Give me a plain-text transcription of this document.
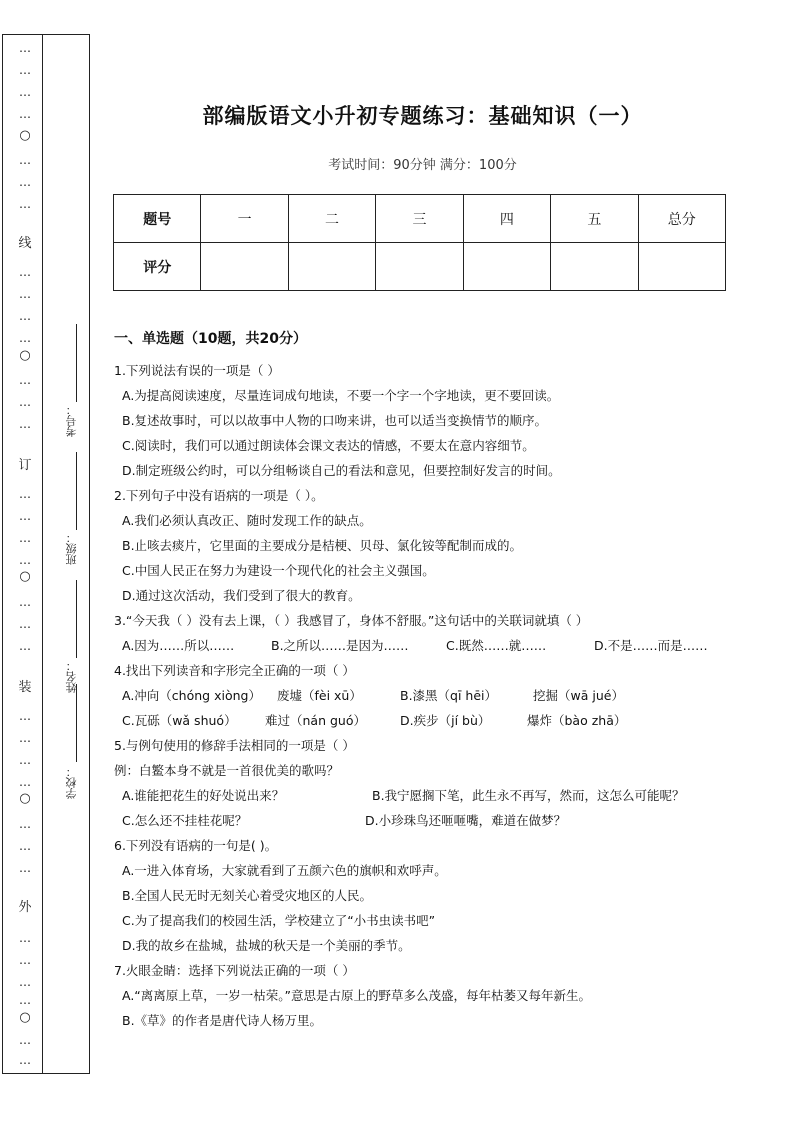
…
…
…
…
○
…
…
…
线
…
…
…
…
○
…
…
…
订
…
…
…
…
○
…
…
…
装
…
…
…
…
○
…
…
…
外
…
…
…
…
○
…
…
考号：
班级：
姓名：
学校：
部编版语文小升初专题练习：基础知识（一）
考试时间：90分钟 满分：100分
题号	一	二	三	四	五	总分
评分						
一、单选题（10题，共20分）
1.下列说法有误的一项是（ ）
A.为提高阅读速度，尽量连词成句地读，不要一个字一个字地读，更不要回读。
B.复述故事时，可以以故事中人物的口吻来讲，也可以适当变换情节的顺序。
C.阅读时，我们可以通过朗读体会课文表达的情感，不要太在意内容细节。
D.制定班级公约时，可以分组畅谈自己的看法和意见，但要控制好发言的时间。
2.下列句子中没有语病的一项是（ ）。
A.我们必须认真改正、随时发现工作的缺点。
B.止咳去痰片，它里面的主要成分是桔梗、贝母、氯化铵等配制而成的。
C.中国人民正在努力为建设一个现代化的社会主义强国。
D.通过这次活动，我们受到了很大的教育。
3.“今天我（ ）没有去上课，（ ）我感冒了，身体不舒服。”这句话中的关联词就填（ ）
A.因为……所以……	B.之所以……是因为……	C.既然……就……	D.不是……而是……
4.找出下列读音和字形完全正确的一项（ ）
A.冲向（chóng xiòng） 废墟（fèi xū）	B.漆黑（qī hēi）	挖掘（wā jué）
C.瓦砾（wǎ shuó） 难过（nán guó）	D.疾步（jí bù）	爆炸（bào zhā）
5.与例句使用的修辞手法相同的一项是（ ）
例：白鳘本身不就是一首很优美的歌吗？
A.谁能把花生的好处说出来？	B.我宁愿搁下笔，此生永不再写，然而，这怎么可能呢？
C.怎么还不挂桂花呢？	D.小珍珠鸟还咂咂嘴，难道在做梦？
6.下列没有语病的一句是( )。
A.一进入体育场，大家就看到了五颜六色的旗帜和欢呼声。
B.全国人民无时无刻关心着受灾地区的人民。
C.为了提高我们的校园生活，学校建立了“小书虫读书吧”
D.我的故乡在盐城，盐城的秋天是一个美丽的季节。
7.火眼金睛：选择下列说法正确的一项（ ）
A.“离离原上草，一岁一枯荣。”意思是古原上的野草多么茂盛，每年枯萎又每年新生。
B.《草》的作者是唐代诗人杨万里。
